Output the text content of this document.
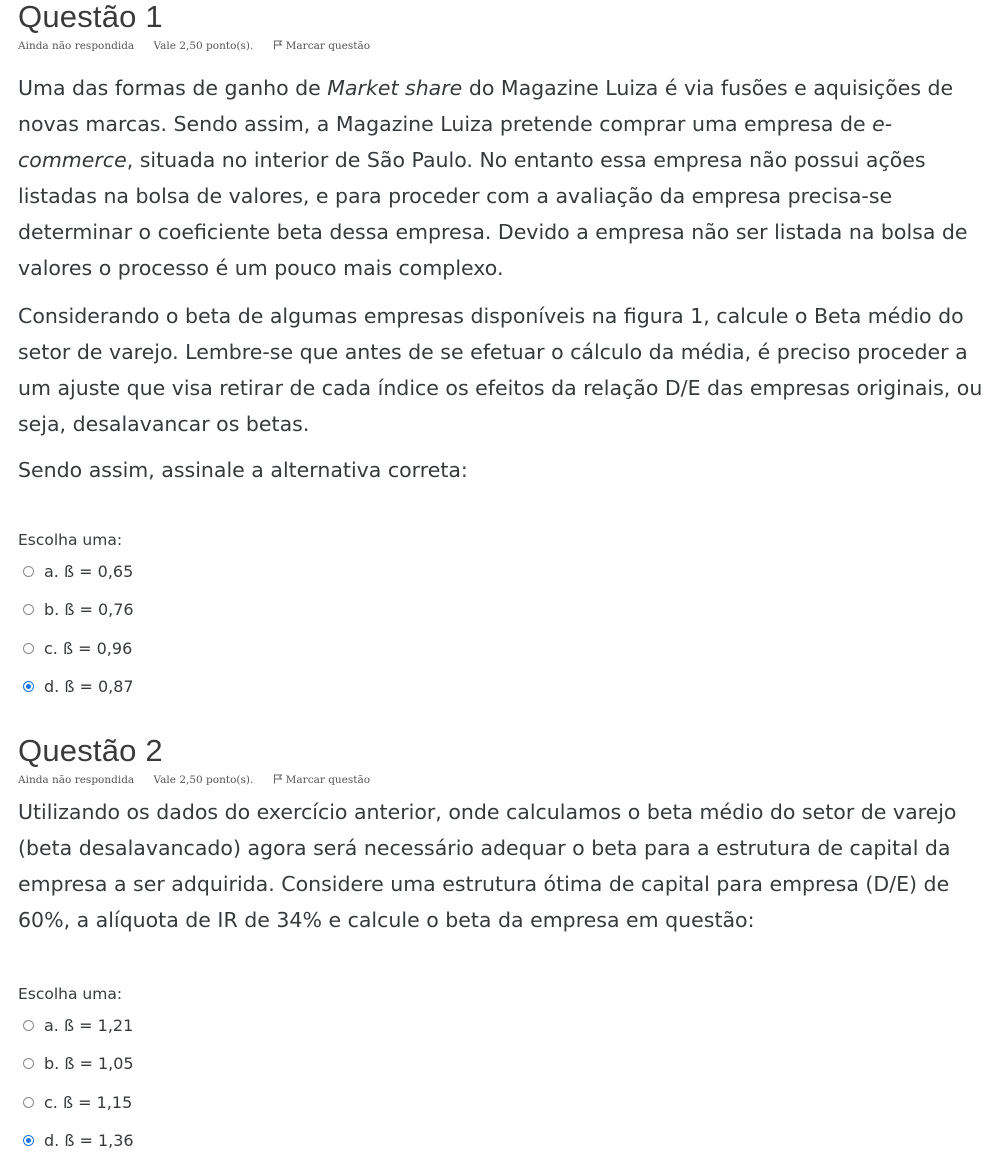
Questão 1
Ainda não respondida Vale 2,50 ponto(s).	Marcar questão

Uma das formas de ganho de Market share do Magazine Luiza é via fusões e aquisições de novas marcas. Sendo assim, a Magazine Luiza pretende comprar uma empresa de e-commerce, situada no interior de São Paulo. No entanto essa empresa não possui ações listadas na bolsa de valores, e para proceder com a avaliação da empresa precisa-se determinar o coeficiente beta dessa empresa. Devido a empresa não ser listada na bolsa de valores o processo é um pouco mais complexo.

Considerando o beta de algumas empresas disponíveis na figura 1, calcule o Beta médio do setor de varejo. Lembre-se que antes de se efetuar o cálculo da média, é preciso proceder a um ajuste que visa retirar de cada índice os efeitos da relação D/E das empresas originais, ou seja, desalavancar os betas.

Sendo assim, assinale a alternativa correta:

Escolha uma:

a. ß = 0,65
b. ß = 0,76
c. ß = 0,96
d. ß = 0,87
Questão 2
Ainda não respondida Vale 2,50 ponto(s).	Marcar questão

Utilizando os dados do exercício anterior, onde calculamos o beta médio do setor de varejo (beta desalavancado) agora será necessário adequar o beta para a estrutura de capital da empresa a ser adquirida. Considere uma estrutura ótima de capital para empresa (D/E) de 60%, a alíquota de IR de 34% e calcule o beta da empresa em questão:

Escolha uma:

a. ß = 1,21
b. ß = 1,05
c. ß = 1,15
d. ß = 1,36
